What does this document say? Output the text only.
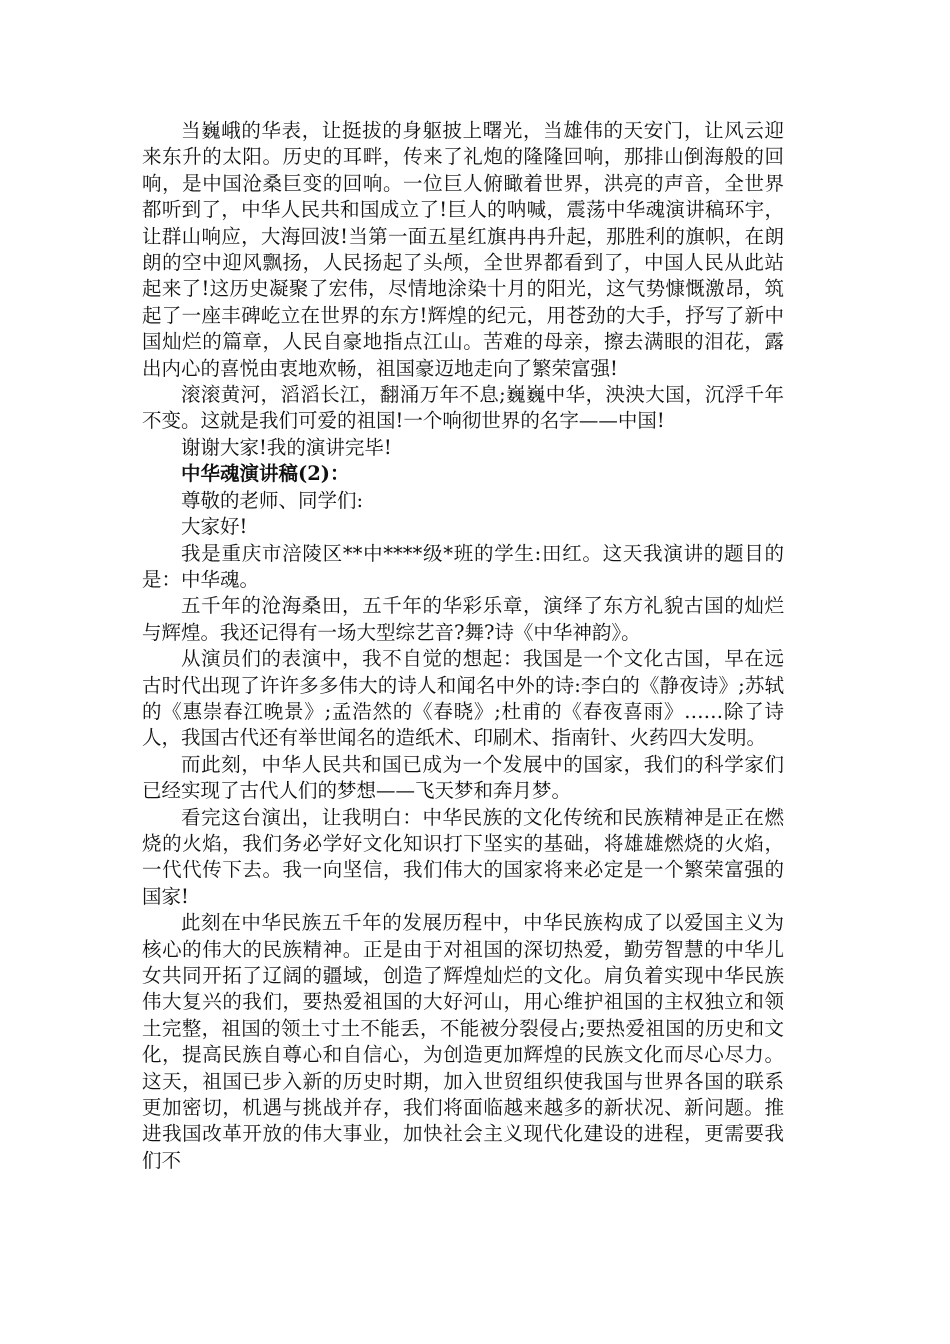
当巍峨的华表，让挺拔的身躯披上曙光，当雄伟的天安门，让风云迎来东升的太阳。历史的耳畔，传来了礼炮的隆隆回响，那排山倒海般的回响，是中国沧桑巨变的回响。一位巨人俯瞰着世界，洪亮的声音，全世界都听到了，中华人民共和国成立了!巨人的呐喊，震荡中华魂演讲稿环宇，让群山响应，大海回波!当第一面五星红旗冉冉升起，那胜利的旗帜，在朗朗的空中迎风飘扬，人民扬起了头颅，全世界都看到了，中国人民从此站起来了!这历史凝聚了宏伟，尽情地涂染十月的阳光，这气势慷慨激昂，筑起了一座丰碑屹立在世界的东方!辉煌的纪元，用苍劲的大手，抒写了新中国灿烂的篇章，人民自豪地指点江山。苦难的母亲，擦去满眼的泪花，露出内心的喜悦由衷地欢畅，祖国豪迈地走向了繁荣富强!

滚滚黄河，滔滔长江，翻涌万年不息;巍巍中华，泱泱大国，沉浮千年不变。这就是我们可爱的祖国!一个响彻世界的名字——中国!

谢谢大家!我的演讲完毕!

中华魂演讲稿(2)：

尊敬的老师、同学们:

大家好!

我是重庆市涪陵区**中****级*班的学生:田红。这天我演讲的题目的是：中华魂。

五千年的沧海桑田，五千年的华彩乐章，演绎了东方礼貌古国的灿烂与辉煌。我还记得有一场大型综艺音?舞?诗《中华神韵》。

从演员们的表演中，我不自觉的想起：我国是一个文化古国，早在远古时代出现了许许多多伟大的诗人和闻名中外的诗:李白的《静夜诗》;苏轼的《惠崇春江晚景》;孟浩然的《春晓》;杜甫的《春夜喜雨》……除了诗人，我国古代还有举世闻名的造纸术、印刷术、指南针、火药四大发明。

而此刻，中华人民共和国已成为一个发展中的国家，我们的科学家们已经实现了古代人们的梦想——飞天梦和奔月梦。

看完这台演出，让我明白：中华民族的文化传统和民族精神是正在燃烧的火焰，我们务必学好文化知识打下坚实的基础，将雄雄燃烧的火焰，一代代传下去。我一向坚信，我们伟大的国家将来必定是一个繁荣富强的国家!

此刻在中华民族五千年的发展历程中，中华民族构成了以爱国主义为核心的伟大的民族精神。正是由于对祖国的深切热爱，勤劳智慧的中华儿女共同开拓了辽阔的疆域，创造了辉煌灿烂的文化。肩负着实现中华民族伟大复兴的我们，要热爱祖国的大好河山，用心维护祖国的主权独立和领土完整，祖国的领土寸土不能丢，不能被分裂侵占;要热爱祖国的历史和文化，提高民族自尊心和自信心，为创造更加辉煌的民族文化而尽心尽力。这天，祖国已步入新的历史时期，加入世贸组织使我国与世界各国的联系更加密切，机遇与挑战并存，我们将面临越来越多的新状况、新问题。推进我国改革开放的伟大事业，加快社会主义现代化建设的进程，更需要我们不
